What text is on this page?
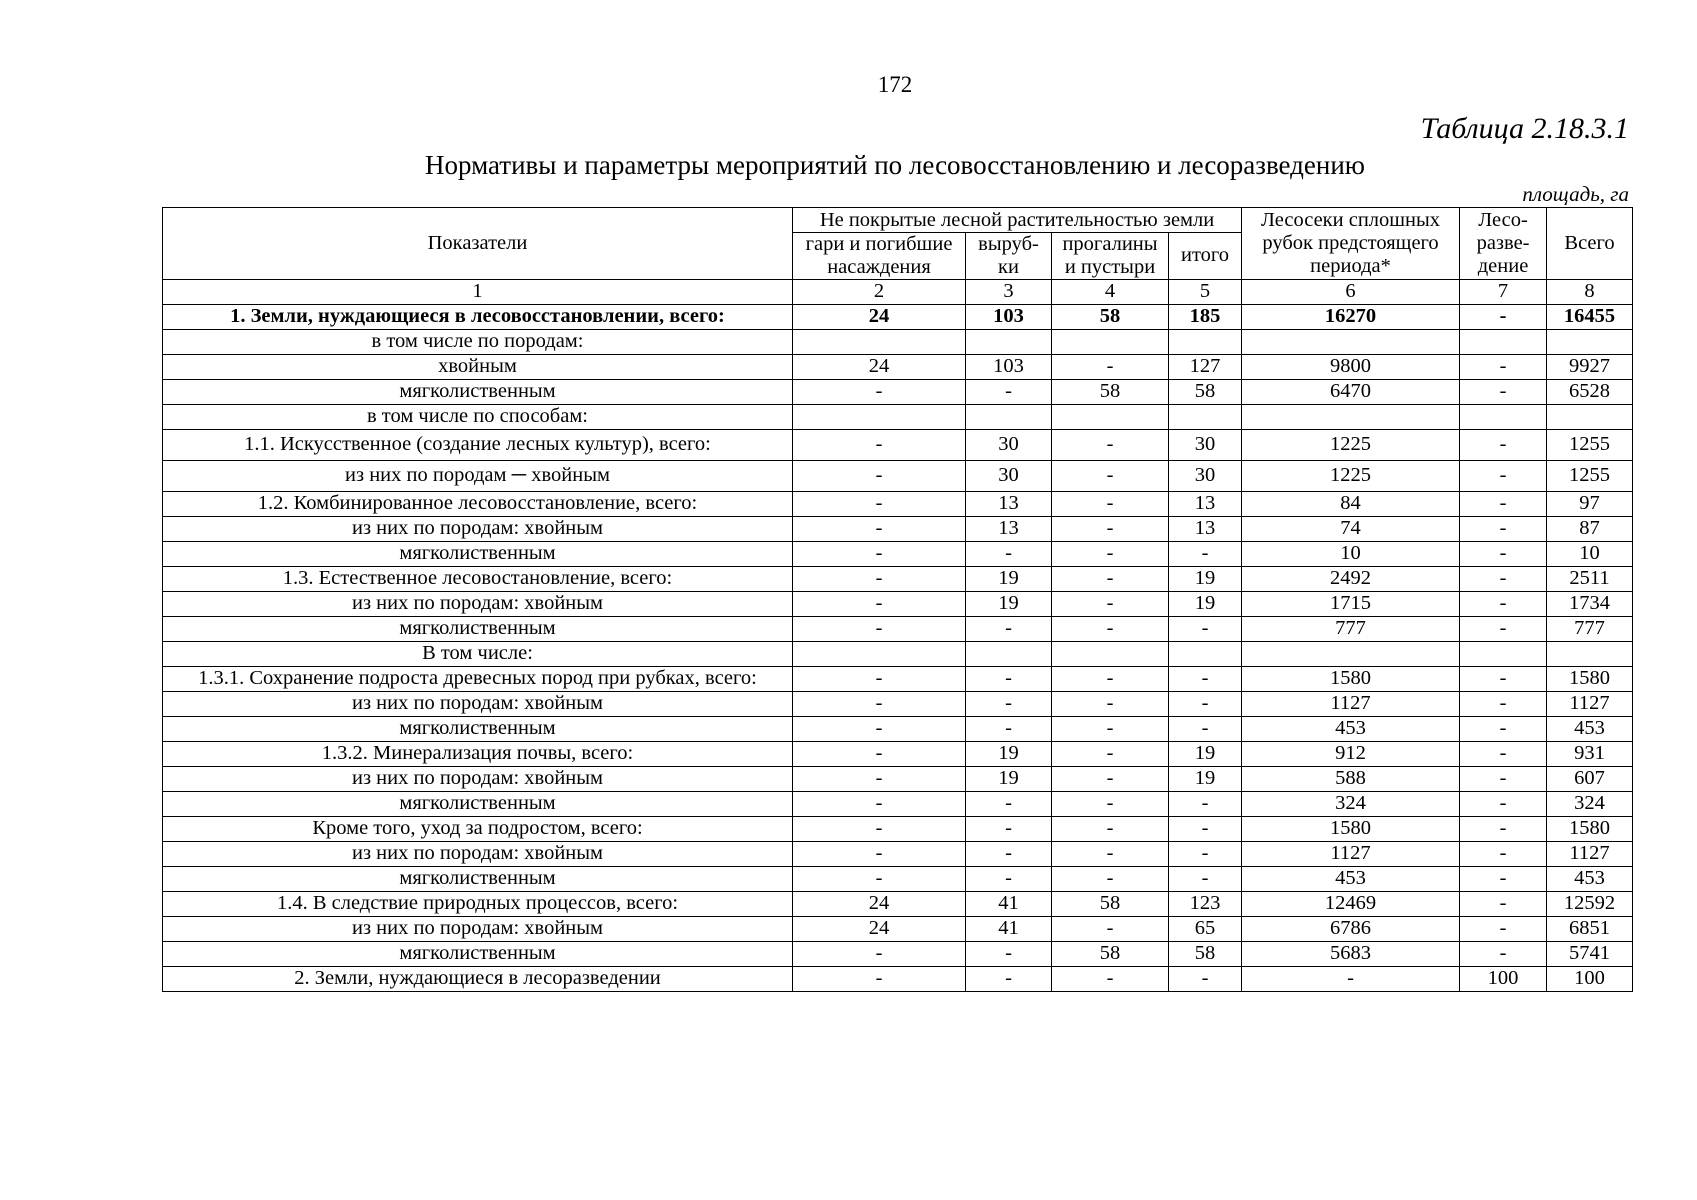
172
Таблица 2.18.3.1
Нормативы и параметры мероприятий по лесовосстановлению и лесоразведению
площадь, га
Показатели	Не покрытые лесной растительностью земли				Лесосеки сплошных рубок предстоящего периода*	Лесо-разве-дение	Всего
	гари и погибшие насаждения	выруб-ки	прогалины и пустыри	итого			
1	2	3	4	5	6	7	8
1. Земли, нуждающиеся в лесовосстановлении, всего:	24	103	58	185	16270	-	16455
в том числе по породам:							
хвойным	24	103	-	127	9800	-	9927
мягколиственным	-	-	58	58	6470	-	6528
в том числе по способам:							
1.1. Искусственное (создание лесных культур), всего:	-	30	-	30	1225	-	1255
из них по породам ─ хвойным	-	30	-	30	1225	-	1255
1.2. Комбинированное лесовосстановление, всего:	-	13	-	13	84	-	97
из них по породам: хвойным	-	13	-	13	74	-	87
мягколиственным	-	-	-	-	10	-	10
1.3. Естественное лесовостановление, всего:	-	19	-	19	2492	-	2511
из них по породам: хвойным	-	19	-	19	1715	-	1734
мягколиственным	-	-	-	-	777	-	777
В том числе:							
1.3.1. Сохранение подроста древесных пород при рубках, всего:	-	-	-	-	1580	-	1580
из них по породам: хвойным	-	-	-	-	1127	-	1127
мягколиственным	-	-	-	-	453	-	453
1.3.2. Минерализация почвы, всего:	-	19	-	19	912	-	931
из них по породам: хвойным	-	19	-	19	588	-	607
мягколиственным	-	-	-	-	324	-	324
Кроме того, уход за подростом, всего:	-	-	-	-	1580	-	1580
из них по породам: хвойным	-	-	-	-	1127	-	1127
мягколиственным	-	-	-	-	453	-	453
1.4. В следствие природных процессов, всего:	24	41	58	123	12469	-	12592
из них по породам: хвойным	24	41	-	65	6786	-	6851
мягколиственным	-	-	58	58	5683	-	5741
2. Земли, нуждающиеся в лесоразведении	-	-	-	-	-	100	100
